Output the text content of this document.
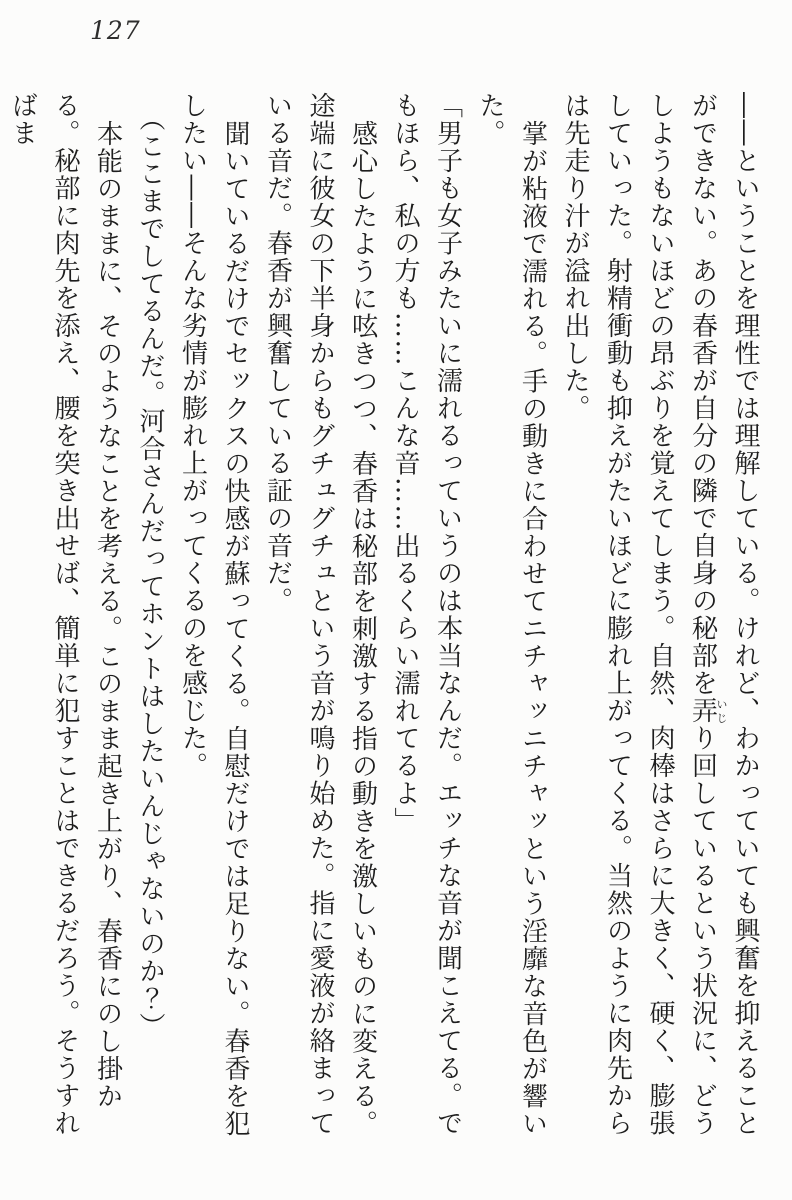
127

――ということを理性では理解している。けれど、わかっていても興奮を抑えることができない。あの春香が自分の隣で自身の秘部を弄いじり回しているという状況に、どうしようもないほどの昂ぶりを覚えてしまう。自然、肉棒はさらに大きく、硬く、膨張していった。射精衝動も抑えがたいほどに膨れ上がってくる。当然のように肉先からは先走り汁が溢れ出した。

掌が粘液で濡れる。手の動きに合わせてニチャッニチャッという淫靡な音色が響いた。

「男子も女子みたいに濡れるっていうのは本当なんだ。エッチな音が聞こえてる。でもほら、私の方も……こんな音……出るくらい濡れてるよ」

感心したように呟きつつ、春香は秘部を刺激する指の動きを激しいものに変える。途端に彼女の下半身からもグチュグチュという音が鳴り始めた。指に愛液が絡まっている音だ。春香が興奮している証の音だ。

聞いているだけでセックスの快感が蘇ってくる。自慰だけでは足りない。春香を犯したい――そんな劣情が膨れ上がってくるのを感じた。

（ここまでしてるんだ。河合さんだってホントはしたいんじゃないのか？）

本能のままに、そのようなことを考える。このまま起き上がり、春香にのし掛かる。秘部に肉先を添え、腰を突き出せば、簡単に犯すことはできるだろう。そうすればま
